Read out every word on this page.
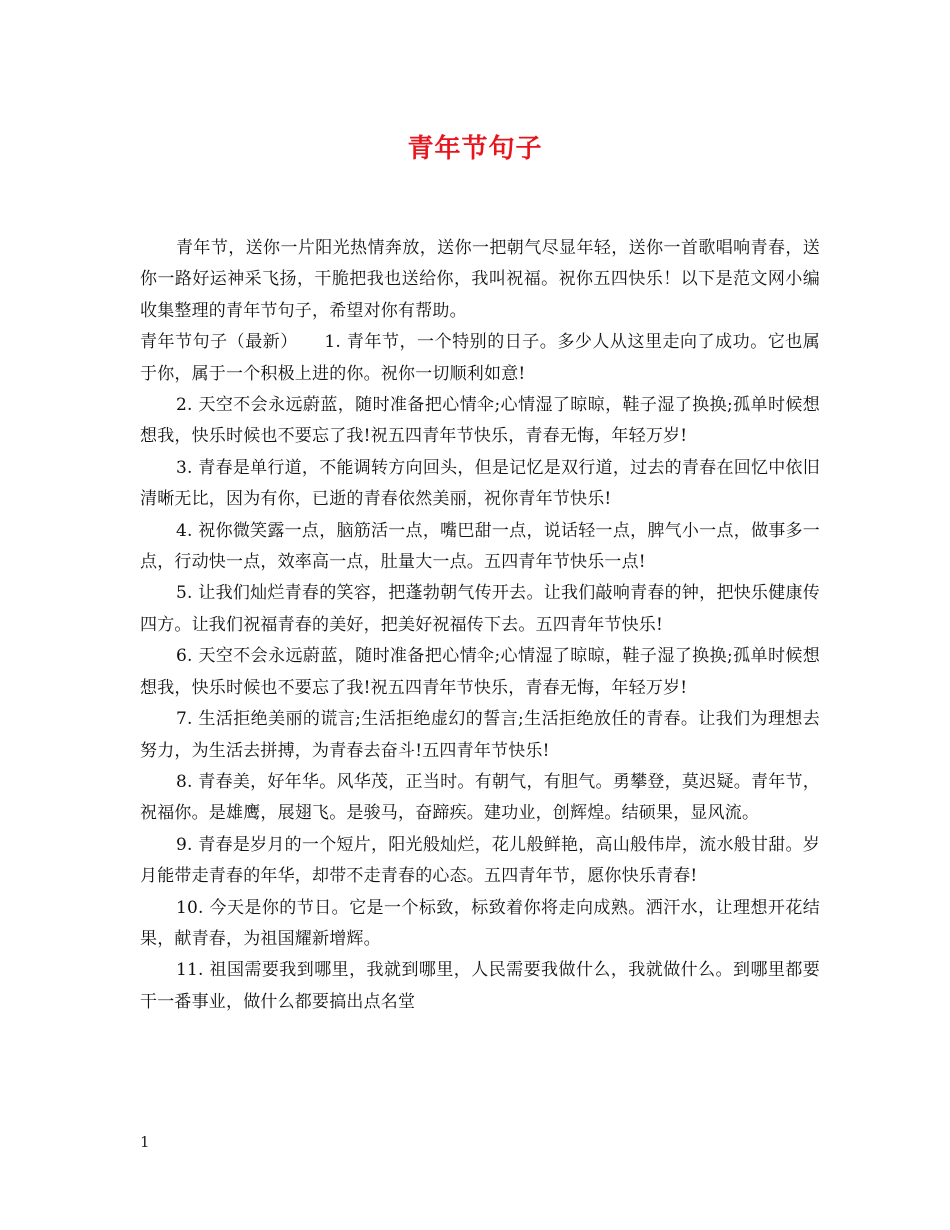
青年节句子

青年节，送你一片阳光热情奔放，送你一把朝气尽显年轻，送你一首歌唱响青春，送你一路好运神采飞扬，干脆把我也送给你，我叫祝福。祝你五四快乐！以下是范文网小编收集整理的青年节句子，希望对你有帮助。

青年节句子（最新）　　1. 青年节，一个特别的日子。多少人从这里走向了成功。它也属于你，属于一个积极上进的你。祝你一切顺利如意!

2. 天空不会永远蔚蓝，随时准备把心情伞;心情湿了晾晾，鞋子湿了换换;孤单时候想想我，快乐时候也不要忘了我!祝五四青年节快乐，青春无悔，年轻万岁!

3. 青春是单行道，不能调转方向回头，但是记忆是双行道，过去的青春在回忆中依旧清晰无比，因为有你，已逝的青春依然美丽，祝你青年节快乐!

4. 祝你微笑露一点，脑筋活一点，嘴巴甜一点，说话轻一点，脾气小一点，做事多一点，行动快一点，效率高一点，肚量大一点。五四青年节快乐一点!

5. 让我们灿烂青春的笑容，把蓬勃朝气传开去。让我们敲响青春的钟，把快乐健康传四方。让我们祝福青春的美好，把美好祝福传下去。五四青年节快乐!

6. 天空不会永远蔚蓝，随时准备把心情伞;心情湿了晾晾，鞋子湿了换换;孤单时候想想我，快乐时候也不要忘了我!祝五四青年节快乐，青春无悔，年轻万岁!

7. 生活拒绝美丽的谎言;生活拒绝虚幻的誓言;生活拒绝放任的青春。让我们为理想去努力，为生活去拼搏，为青春去奋斗!五四青年节快乐!

8. 青春美，好年华。风华茂，正当时。有朝气，有胆气。勇攀登，莫迟疑。青年节，祝福你。是雄鹰，展翅飞。是骏马，奋蹄疾。建功业，创辉煌。结硕果，显风流。

9. 青春是岁月的一个短片，阳光般灿烂，花儿般鲜艳，高山般伟岸，流水般甘甜。岁月能带走青春的年华，却带不走青春的心态。五四青年节，愿你快乐青春!

10. 今天是你的节日。它是一个标致，标致着你将走向成熟。洒汗水，让理想开花结果，献青春，为祖国耀新增辉。

11. 祖国需要我到哪里，我就到哪里，人民需要我做什么，我就做什么。到哪里都要干一番事业，做什么都要搞出点名堂

1
